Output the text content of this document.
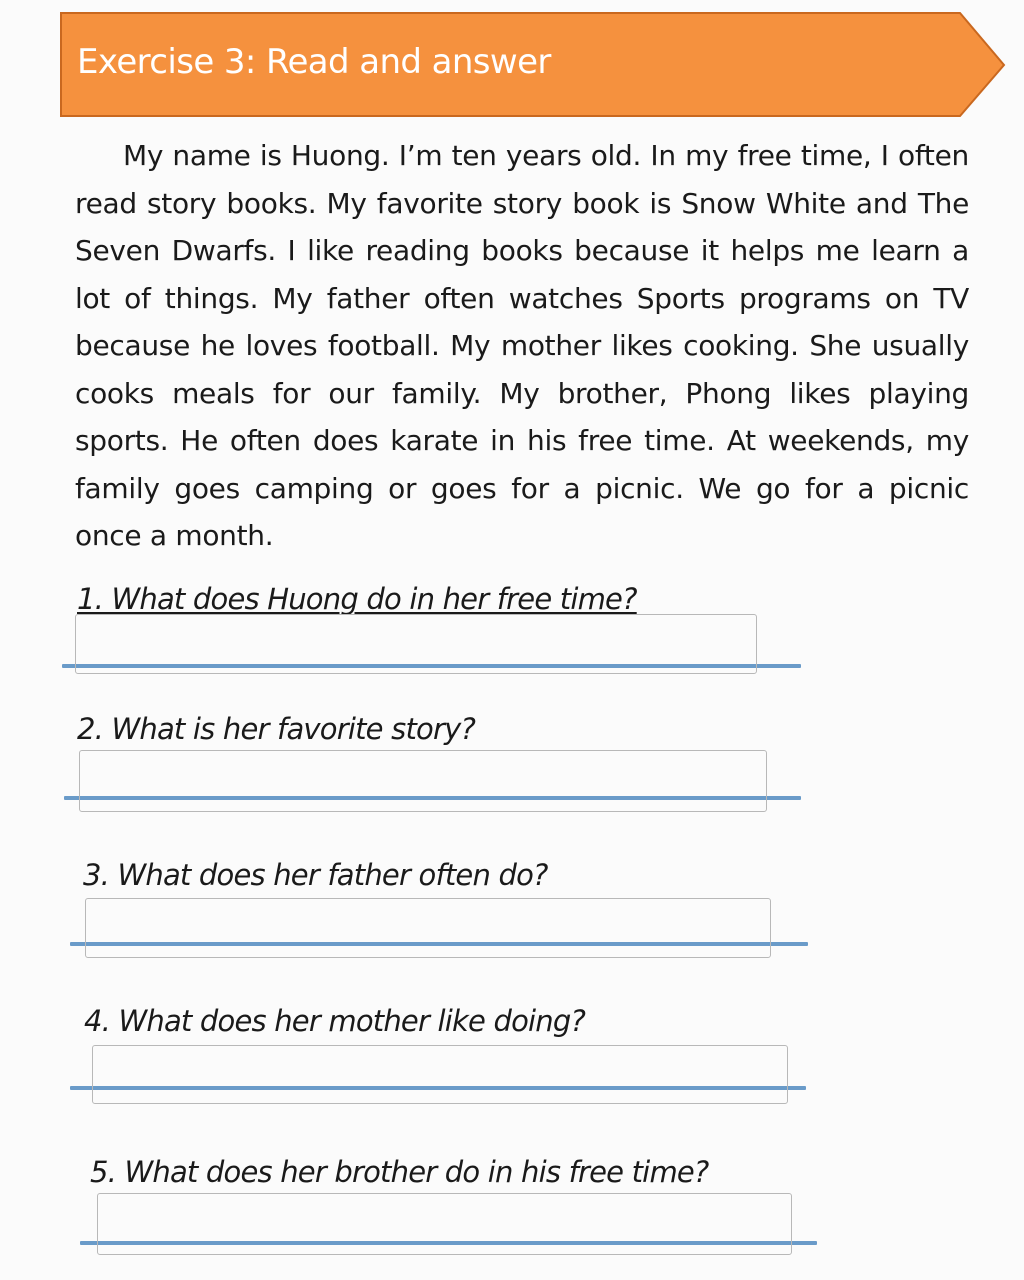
Exercise 3: Read and answer

My name is Huong. I’m ten years old. In my free time, I often read story books. My favorite story book is Snow White and The Seven Dwarfs. I like reading books because it helps me learn a lot of things. My father often watches Sports programs on TV because he loves football. My mother likes cooking. She usually cooks meals for our family. My brother, Phong likes playing sports. He often does karate in his free time. At weekends, my family goes camping or goes for a picnic. We go for a picnic once a month.

1. What does Huong do in her free time?

2. What is her favorite story?

3. What does her father often do?

4. What does her mother like doing?

5. What does her brother do in his free time?
